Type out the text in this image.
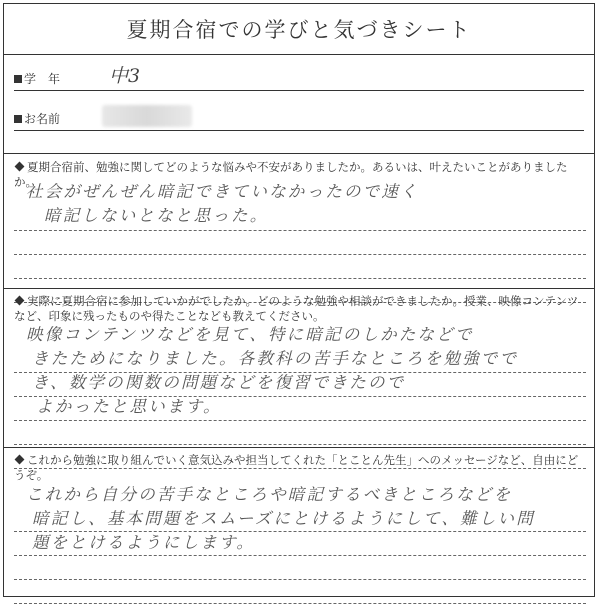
夏期合宿での学びと気づきシート
学　年	中3
お名前

夏期合宿前、勉強に関してどのような悩みや不安がありましたか。あるいは、叶えたいことがありましたか。

社会がぜんぜん暗記できていなかったので速く
暗記しないとなと思った。

実際に夏期合宿に参加していかがでしたか。どのような勉強や相談ができましたか。授業、映像コンテンツなど、印象に残ったものや得たことなども教えてください。

映像コンテンツなどを見て、特に暗記のしかたなどで
きたためになりました。各教科の苦手なところを勉強でで
き、数学の関数の問題などを復習できたので
よかったと思います。

これから勉強に取り組んでいく意気込みや担当してくれた「とことん先生」へのメッセージなど、自由にどうぞ。

これから自分の苦手なところや暗記するべきところなどを
暗記し、基本問題をスムーズにとけるようにして、難しい問
題をとけるようにします。
